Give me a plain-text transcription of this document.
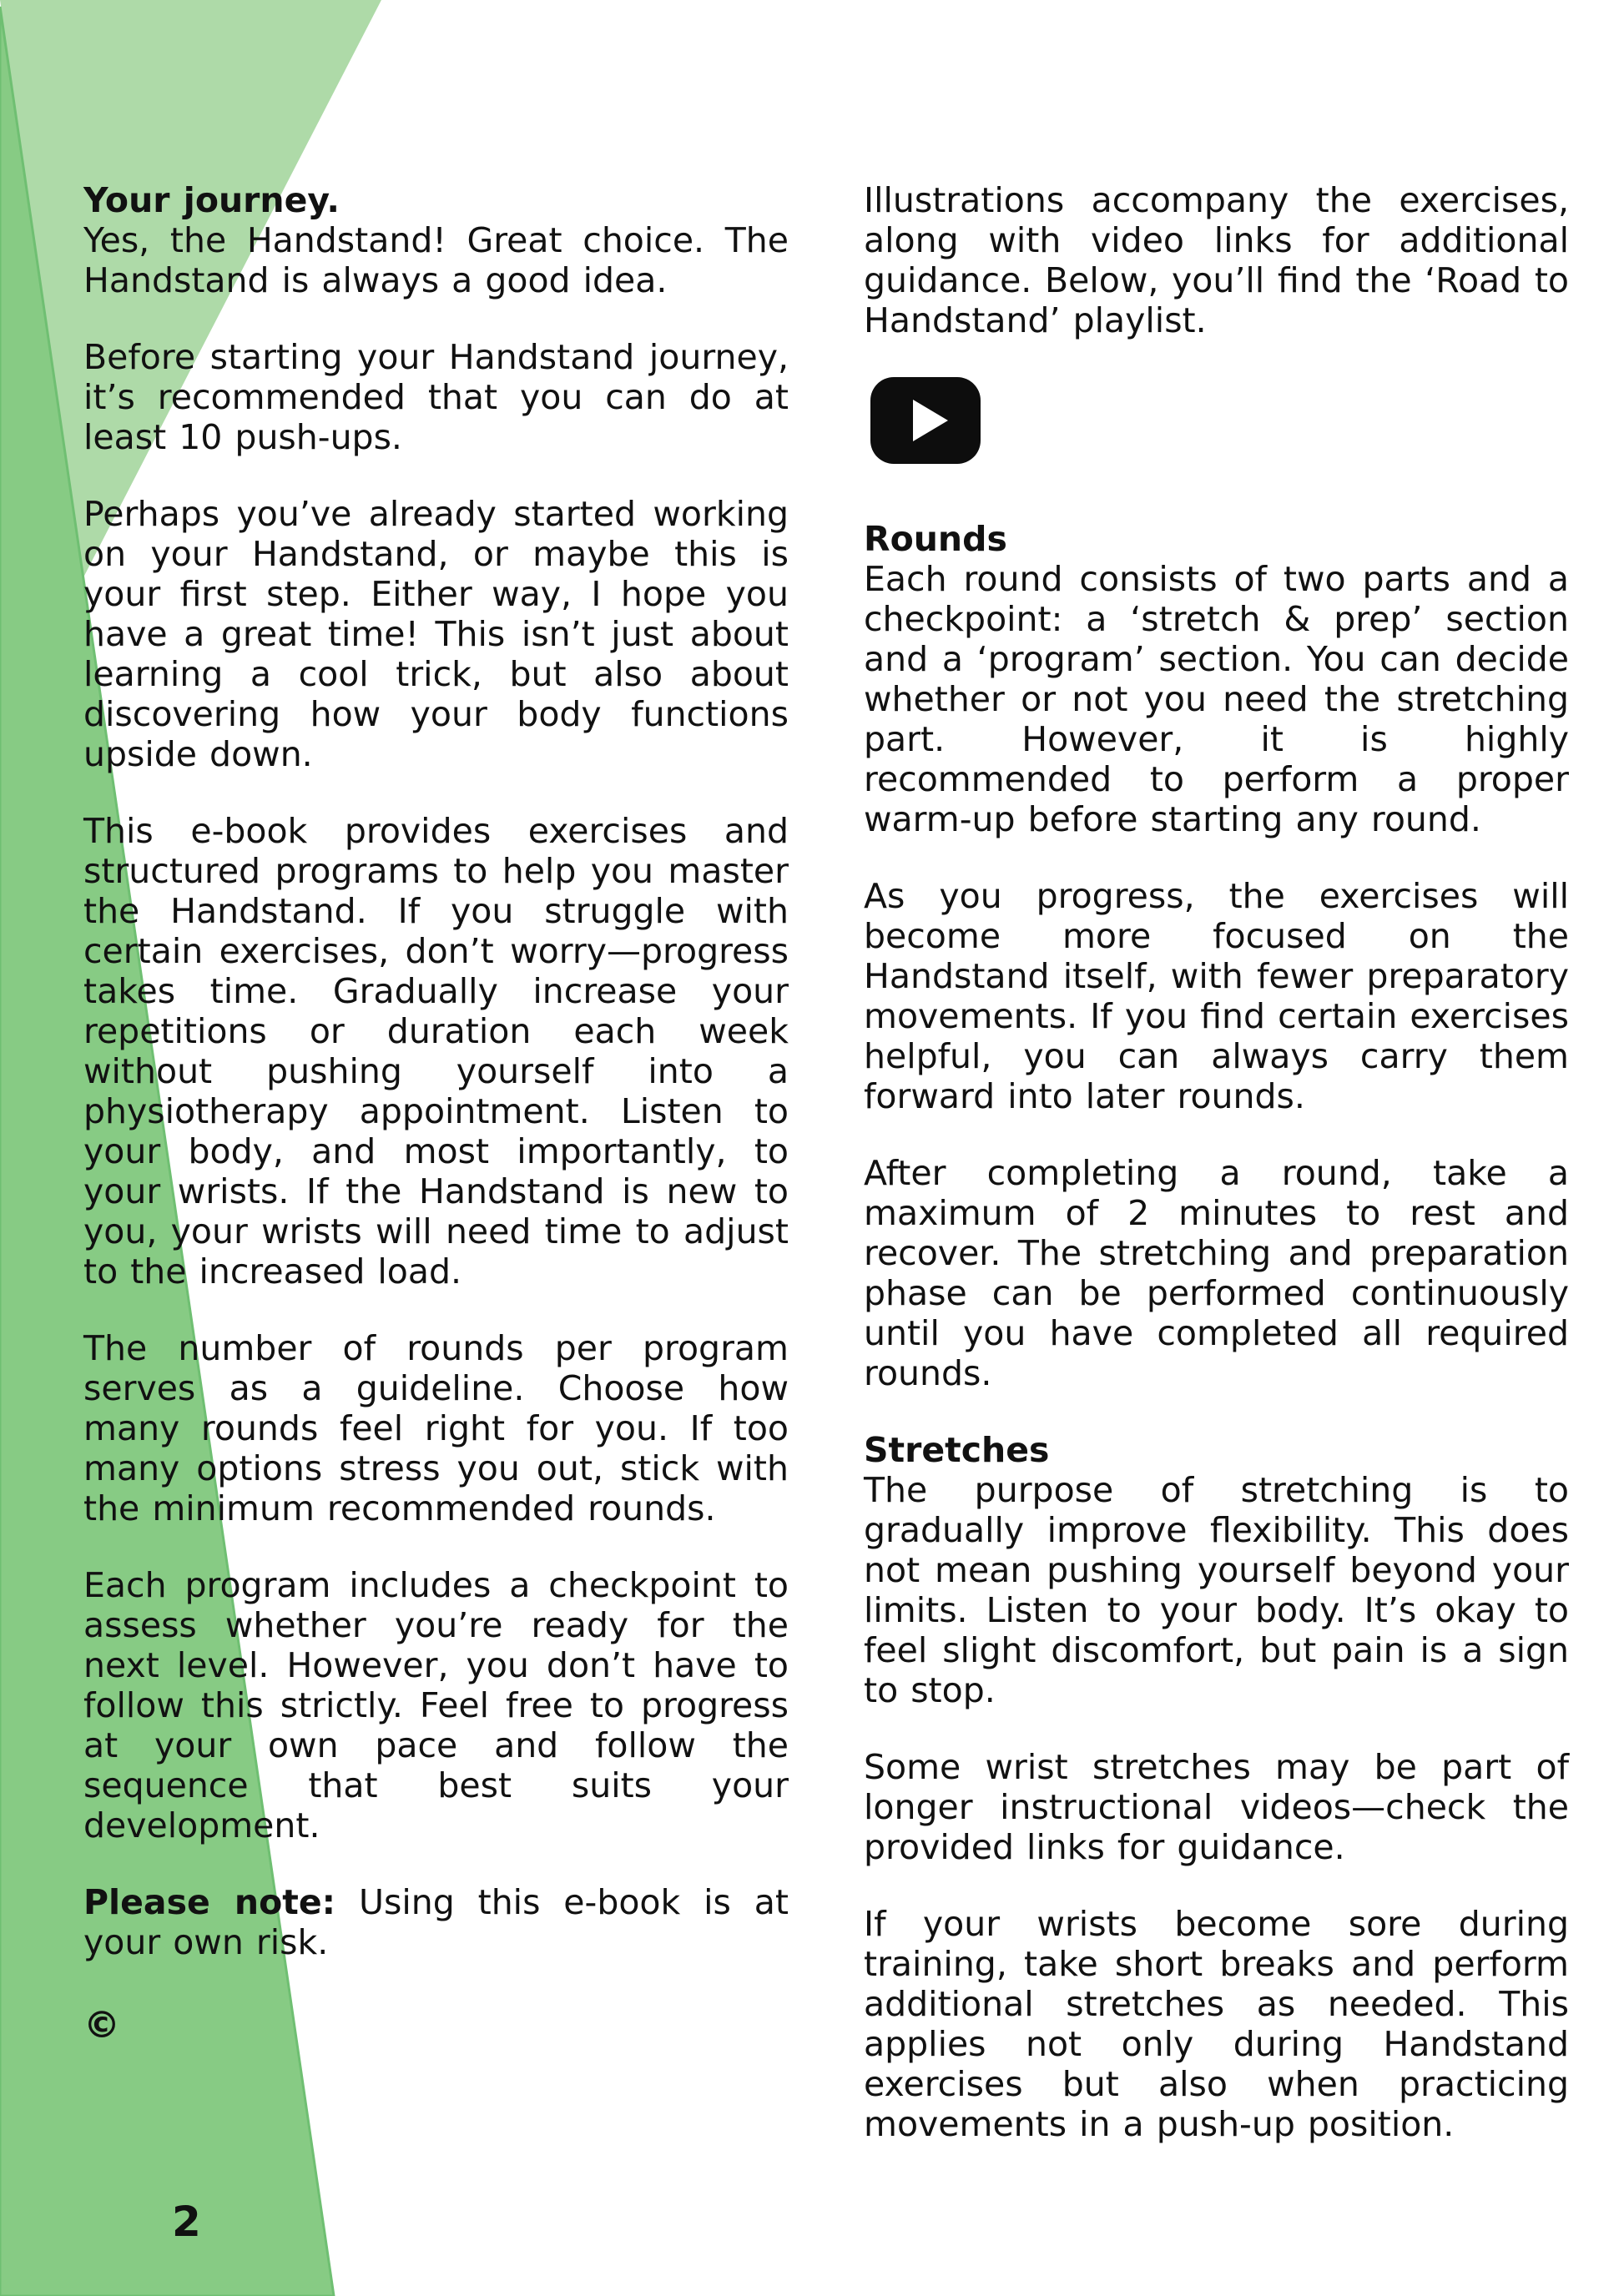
Your journey.

Yes, the Handstand! Great choice. The Handstand is always a good idea.

Before starting your Handstand journey, it’s recommended that you can do at least 10 push-ups.

Perhaps you’ve already started working on your Handstand, or maybe this is your first step. Either way, I hope you have a great time! This isn’t just about learning a cool trick, but also about discovering how your body functions upside down.

This e-book provides exercises and structured programs to help you master the Handstand. If you struggle with certain exercises, don’t worry—progress takes time. Gradually increase your repetitions or duration each week without pushing yourself into a physiotherapy appointment. Listen to your body, and most importantly, to your wrists. If the Handstand is new to you, your wrists will need time to adjust to the increased load.

The number of rounds per program serves as a guideline. Choose how many rounds feel right for you. If too many options stress you out, stick with the minimum recommended rounds.

Each program includes a checkpoint to assess whether you’re ready for the next level. However, you don’t have to follow this strictly. Feel free to progress at your own pace and follow the sequence that best suits your development.

Please note: Using this e-book is at your own risk.

Illustrations accompany the exercises, along with video links for additional guidance. Below, you’ll find the ‘Road to Handstand’ playlist.

Rounds

Each round consists of two parts and a checkpoint: a ‘stretch & prep’ section and a ‘program’ section. You can decide whether or not you need the stretching part. However, it is highly recommended to perform a proper warm-up before starting any round.

As you progress, the exercises will become more focused on the Handstand itself, with fewer preparatory movements. If you find certain exercises helpful, you can always carry them forward into later rounds.

After completing a round, take a maximum of 2 minutes to rest and recover. The stretching and preparation phase can be performed continuously until you have completed all required rounds.

Stretches

The purpose of stretching is to gradually improve flexibility. This does not mean pushing yourself beyond your limits. Listen to your body. It’s okay to feel slight discomfort, but pain is a sign to stop.

Some wrist stretches may be part of longer instructional videos—check the provided links for guidance.

If your wrists become sore during training, take short breaks and perform additional stretches as needed. This applies not only during Handstand exercises but also when practicing movements in a push-up position.

©
2
